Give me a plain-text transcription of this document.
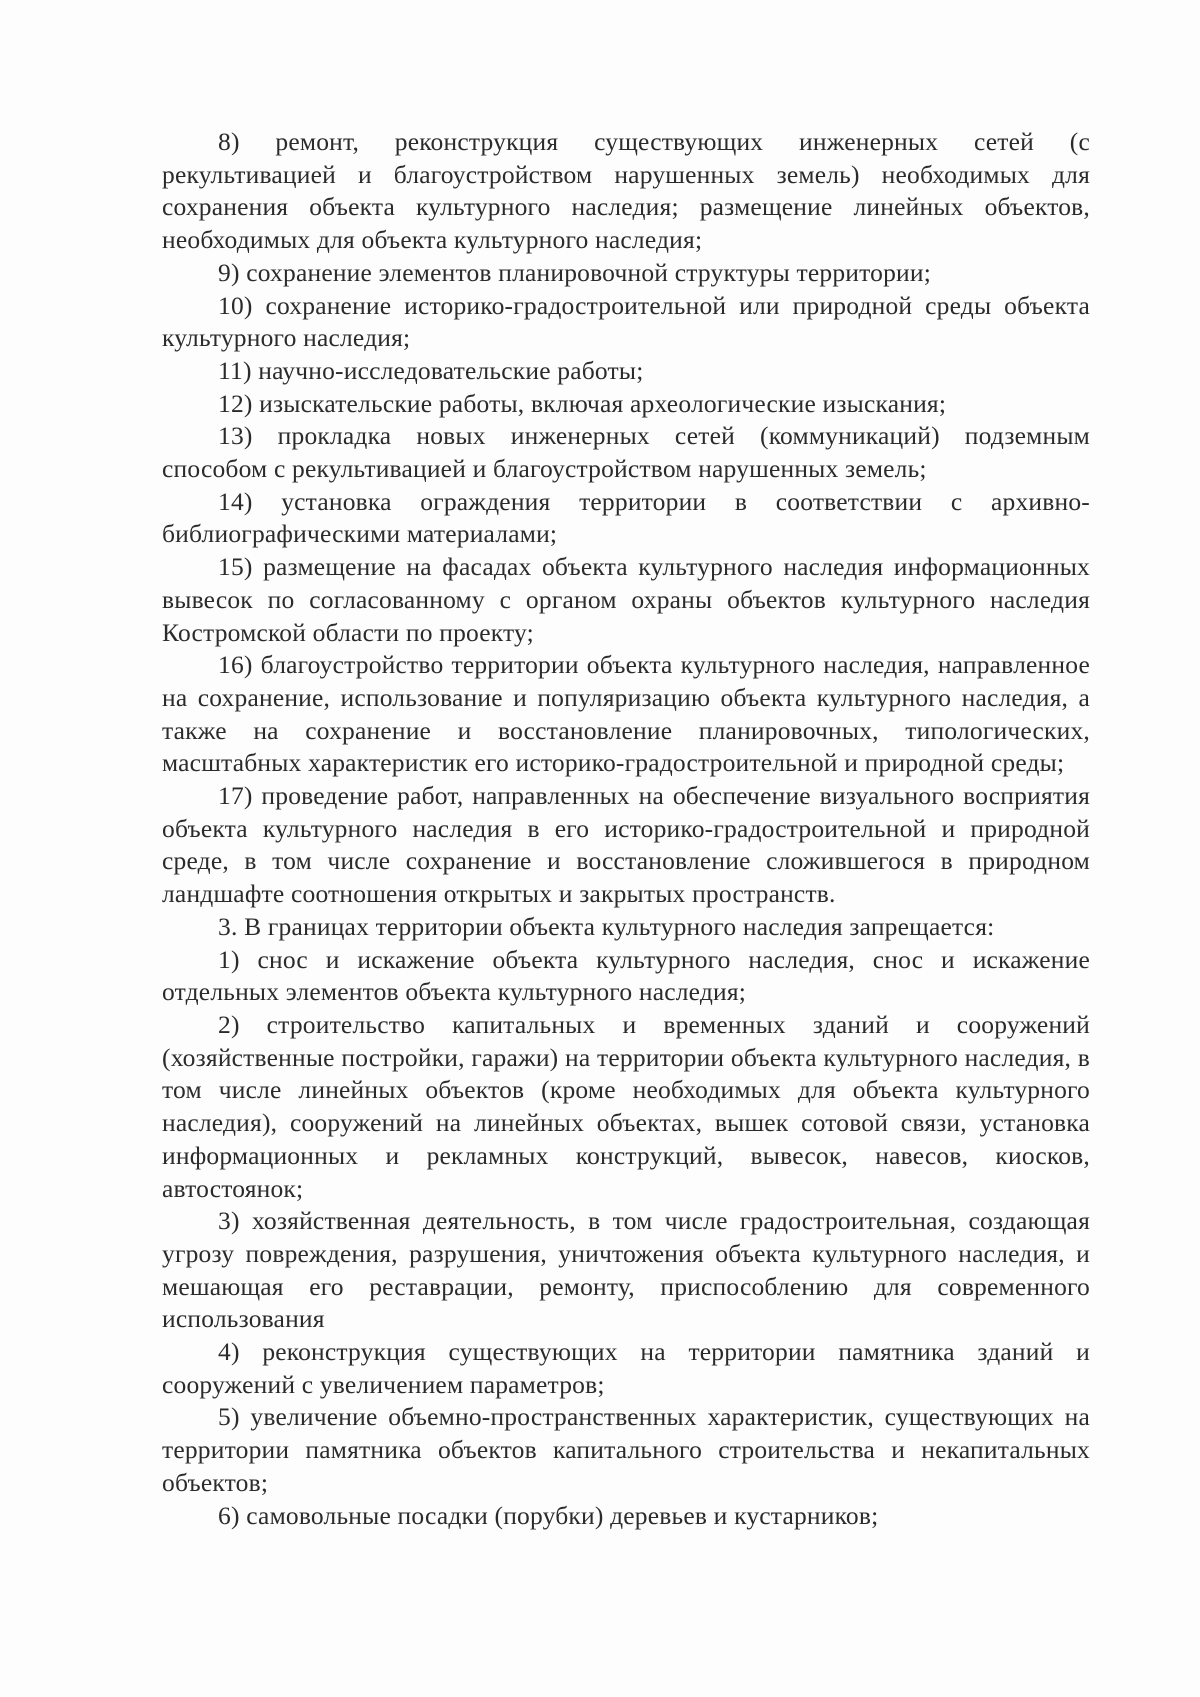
8) ремонт, реконструкция существующих инженерных сетей (с рекультивацией и благоустройством нарушенных земель) необходимых для сохранения объекта культурного наследия; размещение линейных объектов, необходимых для объекта культурного наследия;

9) сохранение элементов планировочной структуры территории;

10) сохранение историко-градостроительной или природной среды объекта культурного наследия;

11) научно-исследовательские работы;

12) изыскательские работы, включая археологические изыскания;

13) прокладка новых инженерных сетей (коммуникаций) подземным способом с рекультивацией и благоустройством нарушенных земель;

14) установка ограждения территории в соответствии с архивно-библиографическими материалами;

15) размещение на фасадах объекта культурного наследия информационных вывесок по согласованному с органом охраны объектов культурного наследия Костромской области по проекту;

16) благоустройство территории объекта культурного наследия, направленное на сохранение, использование и популяризацию объекта культурного наследия, а также на сохранение и восстановление планировочных, типологических, масштабных характеристик его историко-градостроительной и природной среды;

17) проведение работ, направленных на обеспечение визуального восприятия объекта культурного наследия в его историко-градостроительной и природной среде, в том числе сохранение и восстановление сложившегося в природном ландшафте соотношения открытых и закрытых пространств.

3. В границах территории объекта культурного наследия запрещается:

1) снос и искажение объекта культурного наследия, снос и искажение отдельных элементов объекта культурного наследия;

2) строительство капитальных и временных зданий и сооружений (хозяйственные постройки, гаражи) на территории объекта культурного наследия, в том числе линейных объектов (кроме необходимых для объекта культурного наследия), сооружений на линейных объектах, вышек сотовой связи, установка информационных и рекламных конструкций, вывесок, навесов, киосков, автостоянок;

3) хозяйственная деятельность, в том числе градостроительная, создающая угрозу повреждения, разрушения, уничтожения объекта культурного наследия, и мешающая его реставрации, ремонту, приспособлению для современного использования

4) реконструкция существующих на территории памятника зданий и сооружений с увеличением параметров;

5) увеличение объемно-пространственных характеристик, существующих на территории памятника объектов капитального строительства и некапитальных объектов;

6) самовольные посадки (порубки) деревьев и кустарников;
